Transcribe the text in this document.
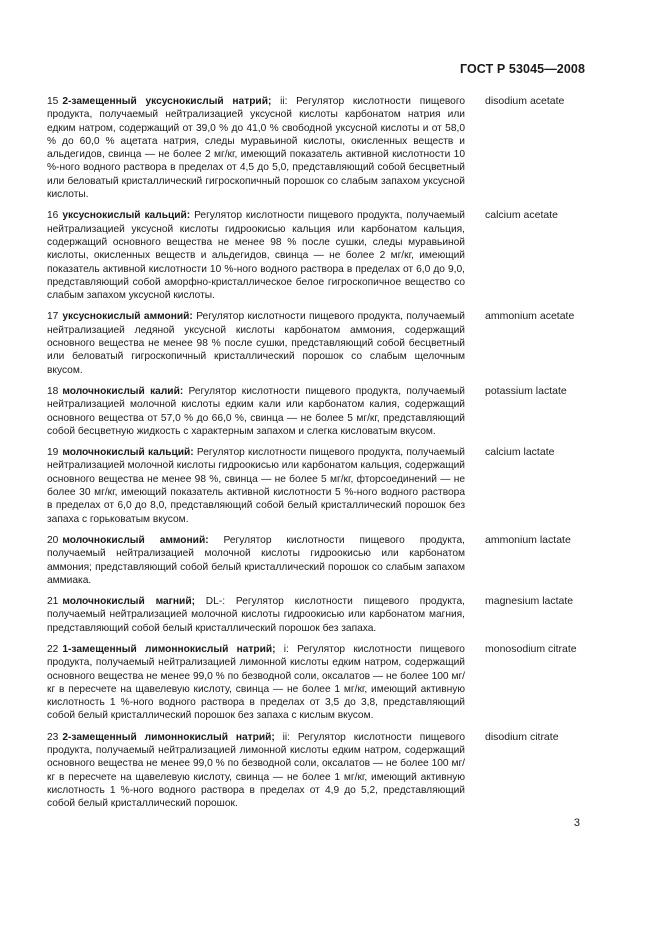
ГОСТ Р 53045—2008
15 2-замещенный уксуснокислый натрий; ii: Регулятор кислотности пищевого продукта, получаемый нейтрализацией уксусной кислоты карбонатом натрия или едким натром, содержащий от 39,0 % до 41,0 % свободной уксусной кислоты и от 58,0 % до 60,0 % ацетата натрия, следы муравьиной кислоты, окисленных веществ и альдегидов, свинца — не более 2 мг/кг, имеющий показатель активной кислотности 10 %-ного водного раствора в пределах от 4,5 до 5,0, представляющий собой бесцветный или беловатый кристаллический гигроскопичный порошок со слабым запахом уксусной кислоты.
disodium acetate
16 уксуснокислый кальций: Регулятор кислотности пищевого продукта, получаемый нейтрализацией уксусной кислоты гидроокисью кальция или карбонатом кальция, содержащий основного вещества не менее 98 % после сушки, следы муравьиной кислоты, окисленных веществ и альдегидов, свинца — не более 2 мг/кг, имеющий показатель активной кислотности 10 %-ного водного раствора в пределах от 6,0 до 9,0, представляющий собой аморфно-кристаллическое белое гигроскопичное вещество со слабым запахом уксусной кислоты.
calcium acetate
17 уксуснокислый аммоний: Регулятор кислотности пищевого продукта, получаемый нейтрализацией ледяной уксусной кислоты карбонатом аммония, содержащий основного вещества не менее 98 % после сушки, представляющий собой бесцветный или беловатый гигроскопичный кристаллический порошок со слабым щелочным вкусом.
ammonium acetate
18 молочнокислый калий: Регулятор кислотности пищевого продукта, получаемый нейтрализацией молочной кислоты едким кали или карбонатом калия, содержащий основного вещества от 57,0 % до 66,0 %, свинца — не более 5 мг/кг, представляющий собой бесцветную жидкость с характерным запахом и слегка кисловатым вкусом.
potassium lactate
19 молочнокислый кальций: Регулятор кислотности пищевого продукта, получаемый нейтрализацией молочной кислоты гидроокисью или карбонатом кальция, содержащий основного вещества не менее 98 %, свинца — не более 5 мг/кг, фторсоединений — не более 30 мг/кг, имеющий показатель активной кислотности 5 %-ного водного раствора в пределах от 6,0 до 8,0, представляющий собой белый кристаллический порошок без запаха с горьковатым вкусом.
calcium lactate
20 молочнокислый аммоний: Регулятор кислотности пищевого продукта, получаемый нейтрализацией молочной кислоты гидроокисью или карбонатом аммония; представляющий собой белый кристаллический порошок со слабым запахом аммиака.
ammonium lactate
21 молочнокислый магний; DL-: Регулятор кислотности пищевого продукта, получаемый нейтрализацией молочной кислоты гидроокисью или карбонатом магния, представляющий собой белый кристаллический порошок без запаха.
magnesium lactate
22 1-замещенный лимоннокислый натрий; i: Регулятор кислотности пищевого продукта, получаемый нейтрализацией лимонной кислоты едким натром, содержащий основного вещества не менее 99,0 % по безводной соли, оксалатов — не более 100 мг/кг в пересчете на щавелевую кислоту, свинца — не более 1 мг/кг, имеющий активную кислотность 1 %-ного водного раствора в пределах от 3,5 до 3,8, представляющий собой белый кристаллический порошок без запаха с кислым вкусом.
monosodium citrate
23 2-замещенный лимоннокислый натрий; ii: Регулятор кислотности пищевого продукта, получаемый нейтрализацией лимонной кислоты едким натром, содержащий основного вещества не менее 99,0 % по безводной соли, оксалатов — не более 100 мг/кг в пересчете на щавелевую кислоту, свинца — не более 1 мг/кг, имеющий активную кислотность 1 %-ного водного раствора в пределах от 4,9 до 5,2, представляющий собой белый кристаллический порошок.
disodium citrate
3
